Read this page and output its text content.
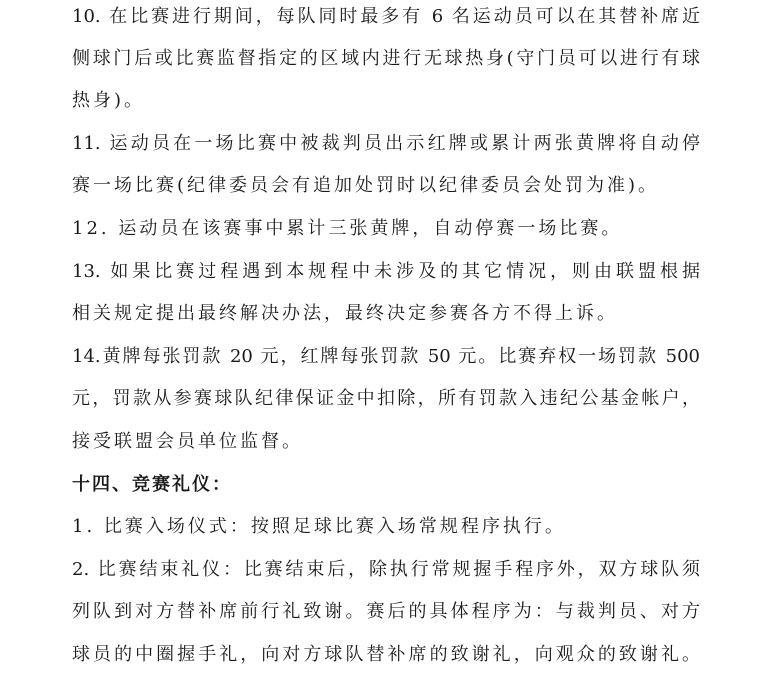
10. 在比赛进行期间，每队同时最多有 6 名运动员可以在其替补席近
侧球门后或比赛监督指定的区域内进行无球热身(守门员可以进行有球
热身)。
11. 运动员在一场比赛中被裁判员出示红牌或累计两张黄牌将自动停
赛一场比赛(纪律委员会有追加处罚时以纪律委员会处罚为准)。
12. 运动员在该赛事中累计三张黄牌，自动停赛一场比赛。
13. 如果比赛过程遇到本规程中未涉及的其它情况，则由联盟根据
相关规定提出最终解决办法，最终决定参赛各方不得上诉。
14.黄牌每张罚款 20 元，红牌每张罚款 50 元。比赛弃权一场罚款 500
元，罚款从参赛球队纪律保证金中扣除，所有罚款入违纪公基金帐户，
接受联盟会员单位监督。
十四、竞赛礼仪：
1. 比赛入场仪式：按照足球比赛入场常规程序执行。
2. 比赛结束礼仪：比赛结束后，除执行常规握手程序外，双方球队须
列队到对方替补席前行礼致谢。赛后的具体程序为：与裁判员、对方
球员的中圈握手礼，向对方球队替补席的致谢礼，向观众的致谢礼。
